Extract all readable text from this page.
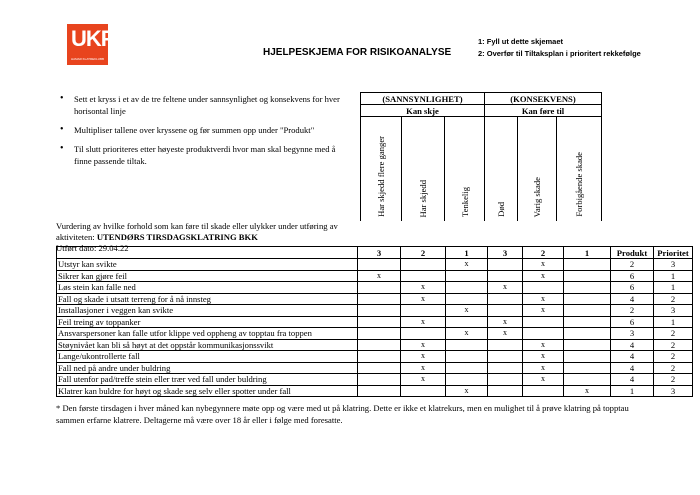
UKF
HAMAR KLATREKLUBB
HJELPESKJEMA FOR RISIKOANALYSE
1: Fyll ut dette skjemaet
2: Overfør til Tiltaksplan i prioritert rekkefølge
• Sett et kryss i et av de tre feltene under sannsynlighet og konsekvens for hver horisontal linje
• Multipliser tallene over kryssene og før summen opp under "Produkt"
• Til slutt prioriteres etter høyeste produktverdi hvor man skal begynne med å finne passende tiltak.
Vurdering av hvilke forhold som kan føre til skade eller ulykker under utføring av aktiviteten: UTENDØRS TIRSDAGSKLATRING BKK
Utført dato: 29.04.22
(SANNSYNLIGHET)			(KONSEKVENS)		
Kan skje			Kan føre til		
Har skjedd flere ganger	Har skjedd	Tenkelig	Død	Varig skade	Forbigående skade
	3	2	1	3	2	1	Produkt	Prioritet
Utstyr kan svikte			x		x		2	3
Sikrer kan gjøre feil	x				x		6	1
Løs stein kan falle ned		x		x			6	1
Fall og skade i utsatt terreng for å nå innsteg		x			x		4	2
Installasjoner i veggen kan svikte			x		x		2	3
Feil treing av toppanker		x		x			6	1
Ansvarspersoner kan falle utfor klippe ved oppheng av topptau fra toppen			x	x			3	2
Støynivået kan bli så høyt at det oppstår kommunikasjonssvikt		x			x		4	2
Lange/ukontrollerte fall		x			x		4	2
Fall ned på andre under buldring		x			x		4	2
Fall utenfor pad/treffe stein eller trær ved fall under buldring		x			x		4	2
Klatrer kan buldre for høyt og skade seg selv eller spotter under fall			x			x	1	3
* Den første tirsdagen i hver måned kan nybegynnere møte opp og være med ut på klatring. Dette er ikke et klatrekurs, men en mulighet til å prøve klatring på topptau sammen erfarne klatrere. Deltagerne må være over 18 år eller i følge med foresatte.
